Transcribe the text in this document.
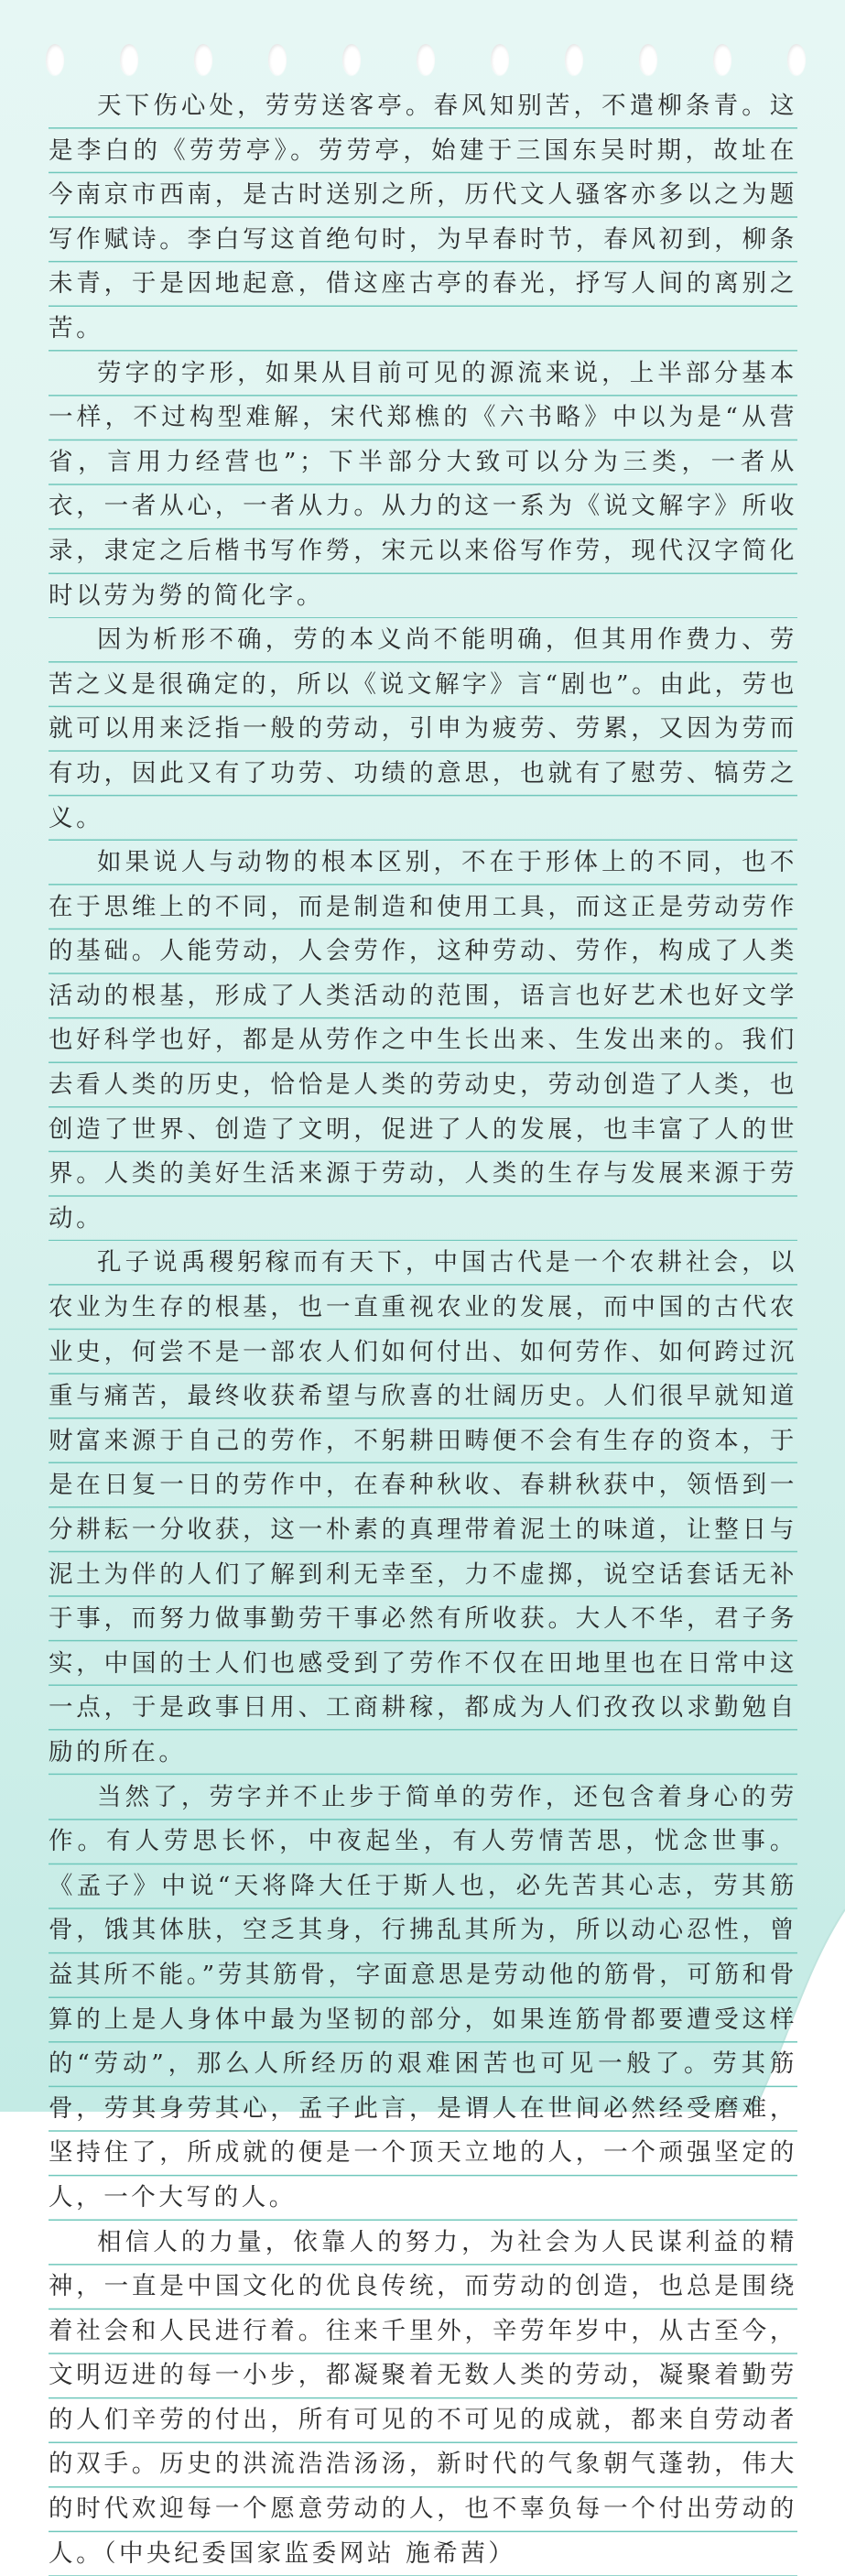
天下伤心处，劳劳送客亭。春风知别苦，不遣柳条青。这是李白的《劳劳亭》。劳劳亭，始建于三国东吴时期，故址在今南京市西南，是古时送别之所，历代文人骚客亦多以之为题写作赋诗。李白写这首绝句时，为早春时节，春风初到，柳条未青，于是因地起意，借这座古亭的春光，抒写人间的离别之苦。

劳字的字形，如果从目前可见的源流来说，上半部分基本一样，不过构型难解，宋代郑樵的《六书略》中以为是“从营省，言用力经营也”；下半部分大致可以分为三类，一者从衣，一者从心，一者从力。从力的这一系为《说文解字》所收录，隶定之后楷书写作勞，宋元以来俗写作劳，现代汉字简化时以劳为勞的简化字。

因为析形不确，劳的本义尚不能明确，但其用作费力、劳苦之义是很确定的，所以《说文解字》言“剧也”。由此，劳也就可以用来泛指一般的劳动，引申为疲劳、劳累，又因为劳而有功，因此又有了功劳、功绩的意思，也就有了慰劳、犒劳之义。

如果说人与动物的根本区别，不在于形体上的不同，也不在于思维上的不同，而是制造和使用工具，而这正是劳动劳作的基础。人能劳动，人会劳作，这种劳动、劳作，构成了人类活动的根基，形成了人类活动的范围，语言也好艺术也好文学也好科学也好，都是从劳作之中生长出来、生发出来的。我们去看人类的历史，恰恰是人类的劳动史，劳动创造了人类，也创造了世界、创造了文明，促进了人的发展，也丰富了人的世界。人类的美好生活来源于劳动，人类的生存与发展来源于劳动。

孔子说禹稷躬稼而有天下，中国古代是一个农耕社会，以农业为生存的根基，也一直重视农业的发展，而中国的古代农业史，何尝不是一部农人们如何付出、如何劳作、如何跨过沉重与痛苦，最终收获希望与欣喜的壮阔历史。人们很早就知道财富来源于自己的劳作，不躬耕田畴便不会有生存的资本，于是在日复一日的劳作中，在春种秋收、春耕秋获中，领悟到一分耕耘一分收获，这一朴素的真理带着泥土的味道，让整日与泥土为伴的人们了解到利无幸至，力不虚掷，说空话套话无补于事，而努力做事勤劳干事必然有所收获。大人不华，君子务实，中国的士人们也感受到了劳作不仅在田地里也在日常中这一点，于是政事日用、工商耕稼，都成为人们孜孜以求勤勉自励的所在。

当然了，劳字并不止步于简单的劳作，还包含着身心的劳作。有人劳思长怀，中夜起坐，有人劳情苦思，忧念世事。《孟子》中说“天将降大任于斯人也，必先苦其心志，劳其筋骨，饿其体肤，空乏其身，行拂乱其所为，所以动心忍性，曾益其所不能。”劳其筋骨，字面意思是劳动他的筋骨，可筋和骨算的上是人身体中最为坚韧的部分，如果连筋骨都要遭受这样的“劳动”，那么人所经历的艰难困苦也可见一般了。劳其筋骨，劳其身劳其心，孟子此言，是谓人在世间必然经受磨难，坚持住了，所成就的便是一个顶天立地的人，一个顽强坚定的人，一个大写的人。

相信人的力量，依靠人的努力，为社会为人民谋利益的精神，一直是中国文化的优良传统，而劳动的创造，也总是围绕着社会和人民进行着。往来千里外，辛劳年岁中，从古至今，文明迈进的每一小步，都凝聚着无数人类的劳动，凝聚着勤劳的人们辛劳的付出，所有可见的不可见的成就，都来自劳动者的双手。历史的洪流浩浩汤汤，新时代的气象朝气蓬勃，伟大的时代欢迎每一个愿意劳动的人，也不辜负每一个付出劳动的人。（中央纪委国家监委网站 施希茜）
